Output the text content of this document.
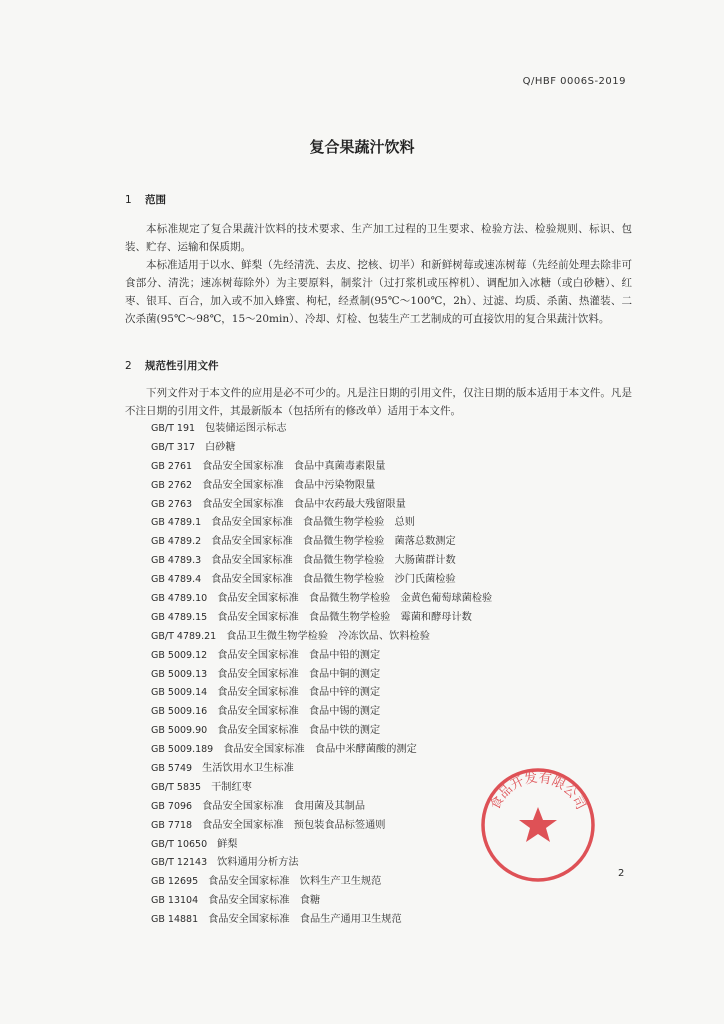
Q/HBF 0006S-2019
复合果蔬汁饮料
1 范围
本标准规定了复合果蔬汁饮料的技术要求、生产加工过程的卫生要求、检验方法、检验规则、标识、包装、贮存、运输和保质期。
本标准适用于以水、鲜梨（先经清洗、去皮、挖核、切半）和新鲜树莓或速冻树莓（先经前处理去除非可食部分、清洗；速冻树莓除外）为主要原料，制浆汁（过打浆机或压榨机）、调配加入冰糖（或白砂糖）、红枣、银耳、百合，加入或不加入蜂蜜、枸杞，经煮制(95℃～100℃，2h）、过滤、均质、杀菌、热灌装、二次杀菌(95℃～98℃，15～20min）、冷却、灯检、包装生产工艺制成的可直接饮用的复合果蔬汁饮料。
2 规范性引用文件
下列文件对于本文件的应用是必不可少的。凡是注日期的引用文件，仅注日期的版本适用于本文件。凡是不注日期的引用文件，其最新版本（包括所有的修改单）适用于本文件。
GB/T 191 包装储运图示标志
GB/T 317 白砂糖
GB 2761 食品安全国家标准　食品中真菌毒素限量
GB 2762 食品安全国家标准　食品中污染物限量
GB 2763 食品安全国家标准　食品中农药最大残留限量
GB 4789.1 食品安全国家标准　食品微生物学检验　总则
GB 4789.2 食品安全国家标准　食品微生物学检验　菌落总数测定
GB 4789.3 食品安全国家标准　食品微生物学检验　大肠菌群计数
GB 4789.4 食品安全国家标准　食品微生物学检验　沙门氏菌检验
GB 4789.10 食品安全国家标准　食品微生物学检验　金黄色葡萄球菌检验
GB 4789.15 食品安全国家标准　食品微生物学检验　霉菌和酵母计数
GB/T 4789.21 食品卫生微生物学检验　冷冻饮品、饮料检验
GB 5009.12 食品安全国家标准　食品中铅的测定
GB 5009.13 食品安全国家标准　食品中铜的测定
GB 5009.14 食品安全国家标准　食品中锌的测定
GB 5009.16 食品安全国家标准　食品中锡的测定
GB 5009.90 食品安全国家标准　食品中铁的测定
GB 5009.189 食品安全国家标准　食品中米酵菌酸的测定
GB 5749 生活饮用水卫生标准
GB/T 5835 干制红枣
GB 7096 食品安全国家标准　食用菌及其制品
GB 7718 食品安全国家标准　预包装食品标签通则
GB/T 10650 鲜梨
GB/T 12143 饮料通用分析方法
GB 12695 食品安全国家标准　饮料生产卫生规范
GB 13104 食品安全国家标准　食糖
GB 14881 食品安全国家标准　食品生产通用卫生规范
食品开发有限公司
2
